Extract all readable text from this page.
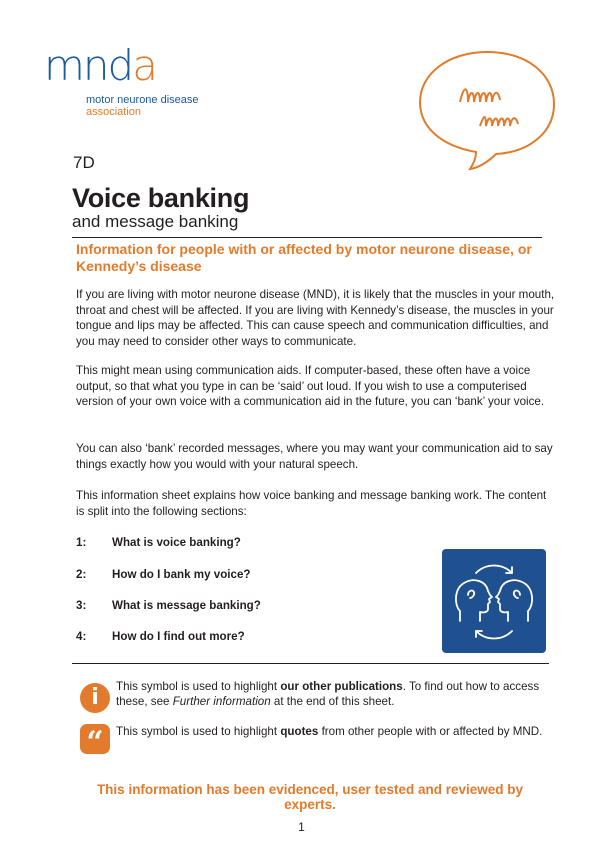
mnda
motor neurone disease
association
7D
Voice banking
and message banking
Information for people with or affected by motor neurone disease, or Kennedy’s disease
If you are living with motor neurone disease (MND), it is likely that the muscles in your mouth, throat and chest will be affected. If you are living with Kennedy’s disease, the muscles in your tongue and lips may be affected. This can cause speech and communication difficulties, and you may need to consider other ways to communicate.
This might mean using communication aids. If computer-based, these often have a voice output, so that what you type in can be ‘said’ out loud. If you wish to use a computerised version of your own voice with a communication aid in the future, you can ‘bank’ your voice.
You can also ‘bank’ recorded messages, where you may want your communication aid to say things exactly how you would with your natural speech.
This information sheet explains how voice banking and message banking work. The content is split into the following sections:
1: What is voice banking?
2: How do I bank my voice?
3: What is message banking?
4: How do I find out more?
i	This symbol is used to highlight our other publications. To find out how to access these, see Further information at the end of this sheet.
“	This symbol is used to highlight quotes from other people with or affected by MND.
This information has been evidenced, user tested and reviewed by experts.
1
